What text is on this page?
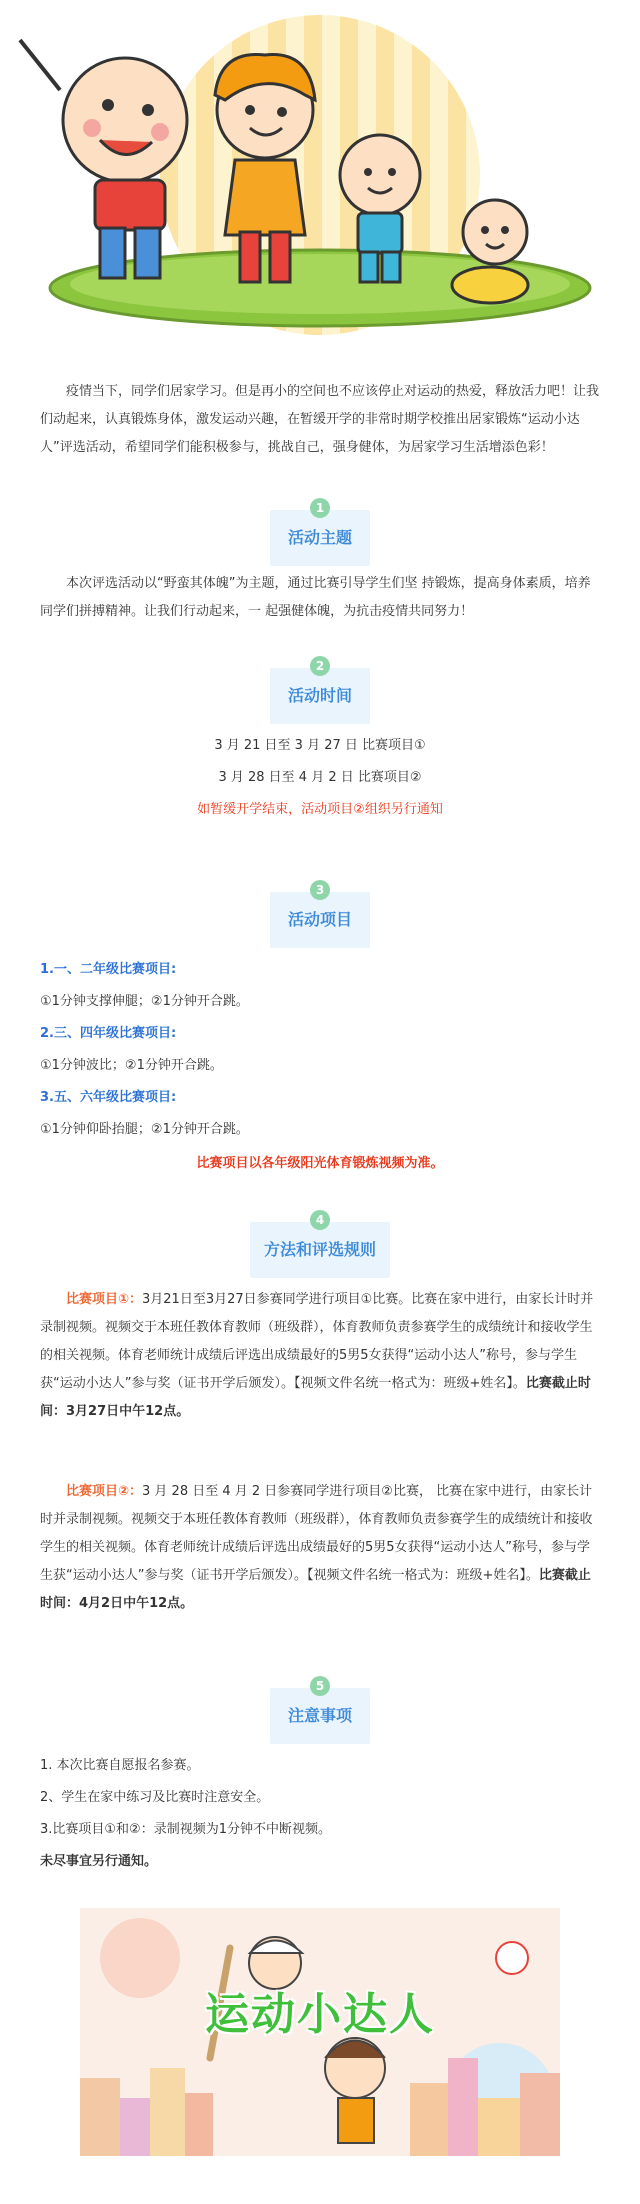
疫情当下，同学们居家学习。但是再小的空间也不应该停止对运动的热爱，释放活力吧！让我们动起来，认真锻炼身体，激发运动兴趣，在暂缓开学的非常时期学校推出居家锻炼“运动小达人”评选活动，希望同学们能积极参与，挑战自己，强身健体，为居家学习生活增添色彩！
1
活动主题
本次评选活动以“野蛮其体魄”为主题，通过比赛引导学生们坚 持锻炼，提高身体素质，培养同学们拼搏精神。让我们行动起来，一 起强健体魄，为抗击疫情共同努力！
2
活动时间
3 月 21 日至 3 月 27 日 比赛项目①
3 月 28 日至 4 月 2 日 比赛项目②
如暂缓开学结束，活动项目②组织另行通知
3
活动项目
1.一、二年级比赛项目:
①1分钟支撑伸腿；②1分钟开合跳。
2.三、四年级比赛项目:
①1分钟波比；②1分钟开合跳。
3.五、六年级比赛项目:
①1分钟仰卧抬腿；②1分钟开合跳。
比赛项目以各年级阳光体育锻炼视频为准。
4
方法和评选规则
比赛项目①：3月21日至3月27日参赛同学进行项目①比赛。比赛在家中进行，由家长计时并录制视频。视频交于本班任教体育教师（班级群），体育教师负责参赛学生的成绩统计和接收学生的相关视频。体育老师统计成绩后评选出成绩最好的5男5女获得“运动小达人”称号，参与学生获“运动小达人”参与奖（证书开学后颁发）。【视频文件名统一格式为：班级+姓名】。比赛截止时间：3月27日中午12点。
比赛项目②：3 月 28 日至 4 月 2 日参赛同学进行项目②比赛， 比赛在家中进行，由家长计时并录制视频。视频交于本班任教体育教师（班级群），体育教师负责参赛学生的成绩统计和接收学生的相关视频。体育老师统计成绩后评选出成绩最好的5男5女获得“运动小达人”称号，参与学生获“运动小达人”参与奖（证书开学后颁发）。【视频文件名统一格式为：班级+姓名】。比赛截止时间：4月2日中午12点。
5
注意事项
1. 本次比赛自愿报名参赛。
2、学生在家中练习及比赛时注意安全。
3.比赛项目①和②：录制视频为1分钟不中断视频。
未尽事宜另行通知。
运动小达人
